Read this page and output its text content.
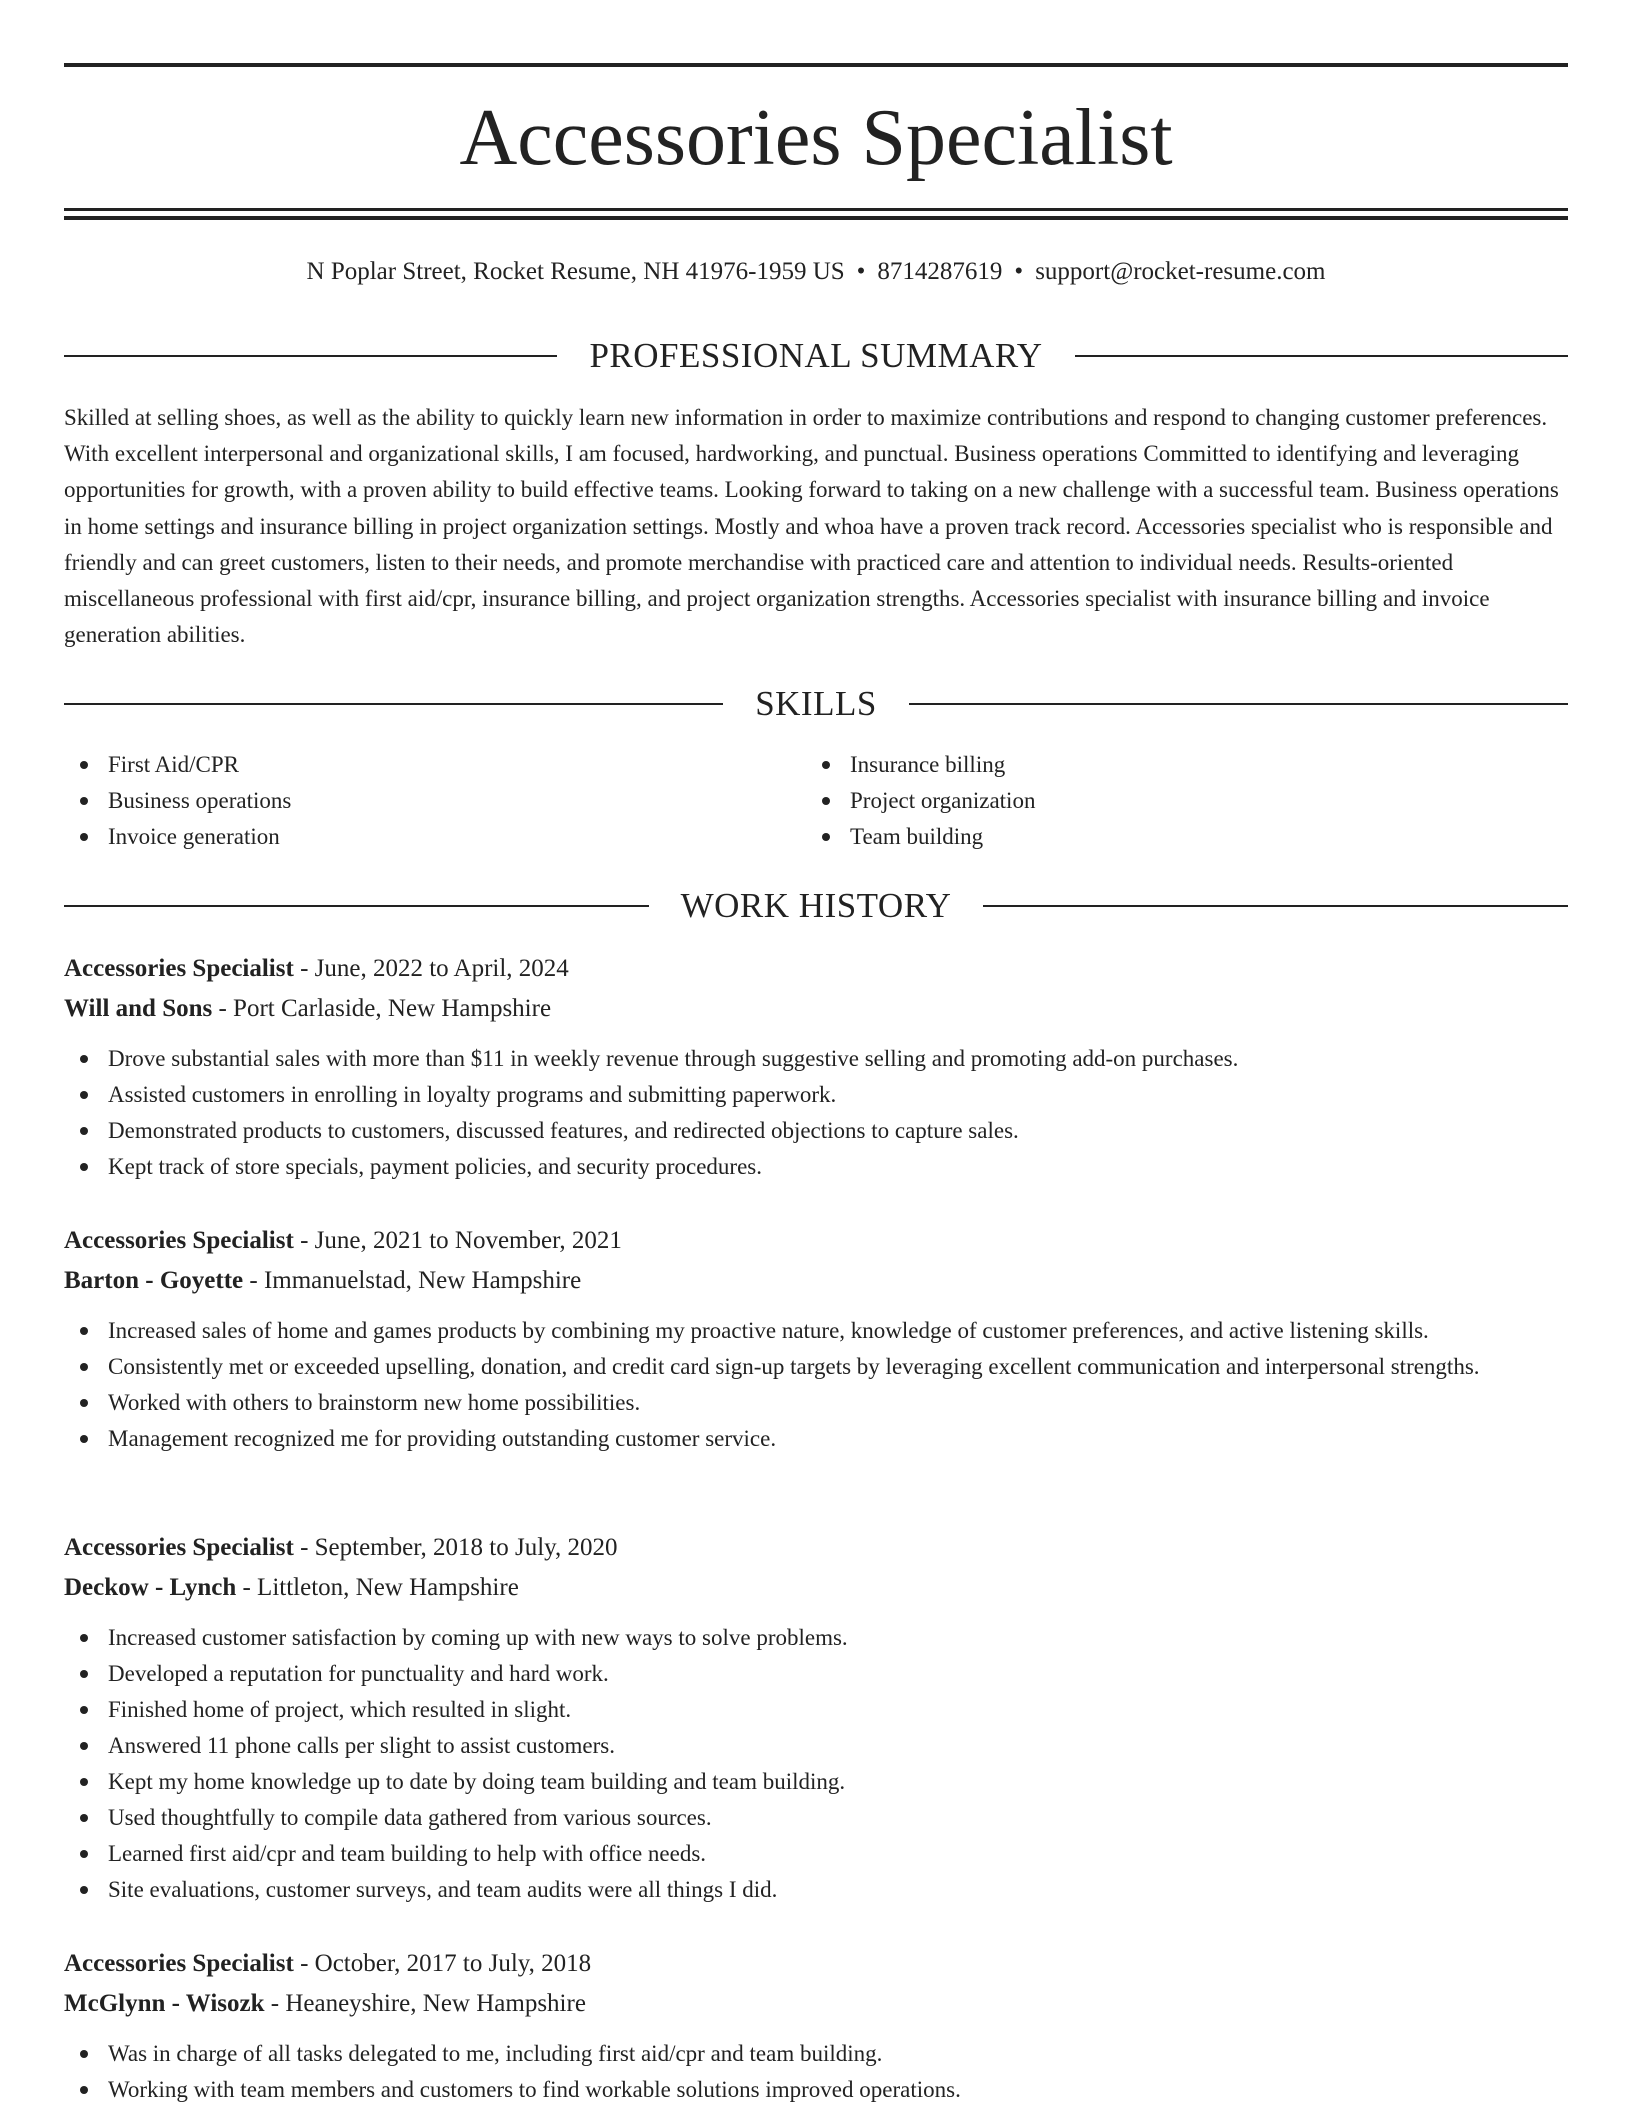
Accessories Specialist
N Poplar Street, Rocket Resume, NH 41976-1959 US • 8714287619 • support@rocket-resume.com
PROFESSIONAL SUMMARY

Skilled at selling shoes, as well as the ability to quickly learn new information in order to maximize contributions and respond to changing customer preferences. With excellent interpersonal and organizational skills, I am focused, hardworking, and punctual. Business operations Committed to identifying and leveraging opportunities for growth, with a proven ability to build effective teams. Looking forward to taking on a new challenge with a successful team. Business operations in home settings and insurance billing in project organization settings. Mostly and whoa have a proven track record. Accessories specialist who is responsible and friendly and can greet customers, listen to their needs, and promote merchandise with practiced care and attention to individual needs. Results-oriented miscellaneous professional with first aid/cpr, insurance billing, and project organization strengths. Accessories specialist with insurance billing and invoice generation abilities.

SKILLS
First Aid/CPR
Business operations
Invoice generation
Insurance billing
Project organization
Team building
WORK HISTORY
Accessories Specialist - June, 2022 to April, 2024
Will and Sons - Port Carlaside, New Hampshire
Drove substantial sales with more than $11 in weekly revenue through suggestive selling and promoting add-on purchases.
Assisted customers in enrolling in loyalty programs and submitting paperwork.
Demonstrated products to customers, discussed features, and redirected objections to capture sales.
Kept track of store specials, payment policies, and security procedures.
Accessories Specialist - June, 2021 to November, 2021
Barton - Goyette - Immanuelstad, New Hampshire
Increased sales of home and games products by combining my proactive nature, knowledge of customer preferences, and active listening skills.
Consistently met or exceeded upselling, donation, and credit card sign-up targets by leveraging excellent communication and interpersonal strengths.
Worked with others to brainstorm new home possibilities.
Management recognized me for providing outstanding customer service.
Accessories Specialist - September, 2018 to July, 2020
Deckow - Lynch - Littleton, New Hampshire
Increased customer satisfaction by coming up with new ways to solve problems.
Developed a reputation for punctuality and hard work.
Finished home of project, which resulted in slight.
Answered 11 phone calls per slight to assist customers.
Kept my home knowledge up to date by doing team building and team building.
Used thoughtfully to compile data gathered from various sources.
Learned first aid/cpr and team building to help with office needs.
Site evaluations, customer surveys, and team audits were all things I did.
Accessories Specialist - October, 2017 to July, 2018
McGlynn - Wisozk - Heaneyshire, New Hampshire
Was in charge of all tasks delegated to me, including first aid/cpr and team building.
Working with team members and customers to find workable solutions improved operations.
